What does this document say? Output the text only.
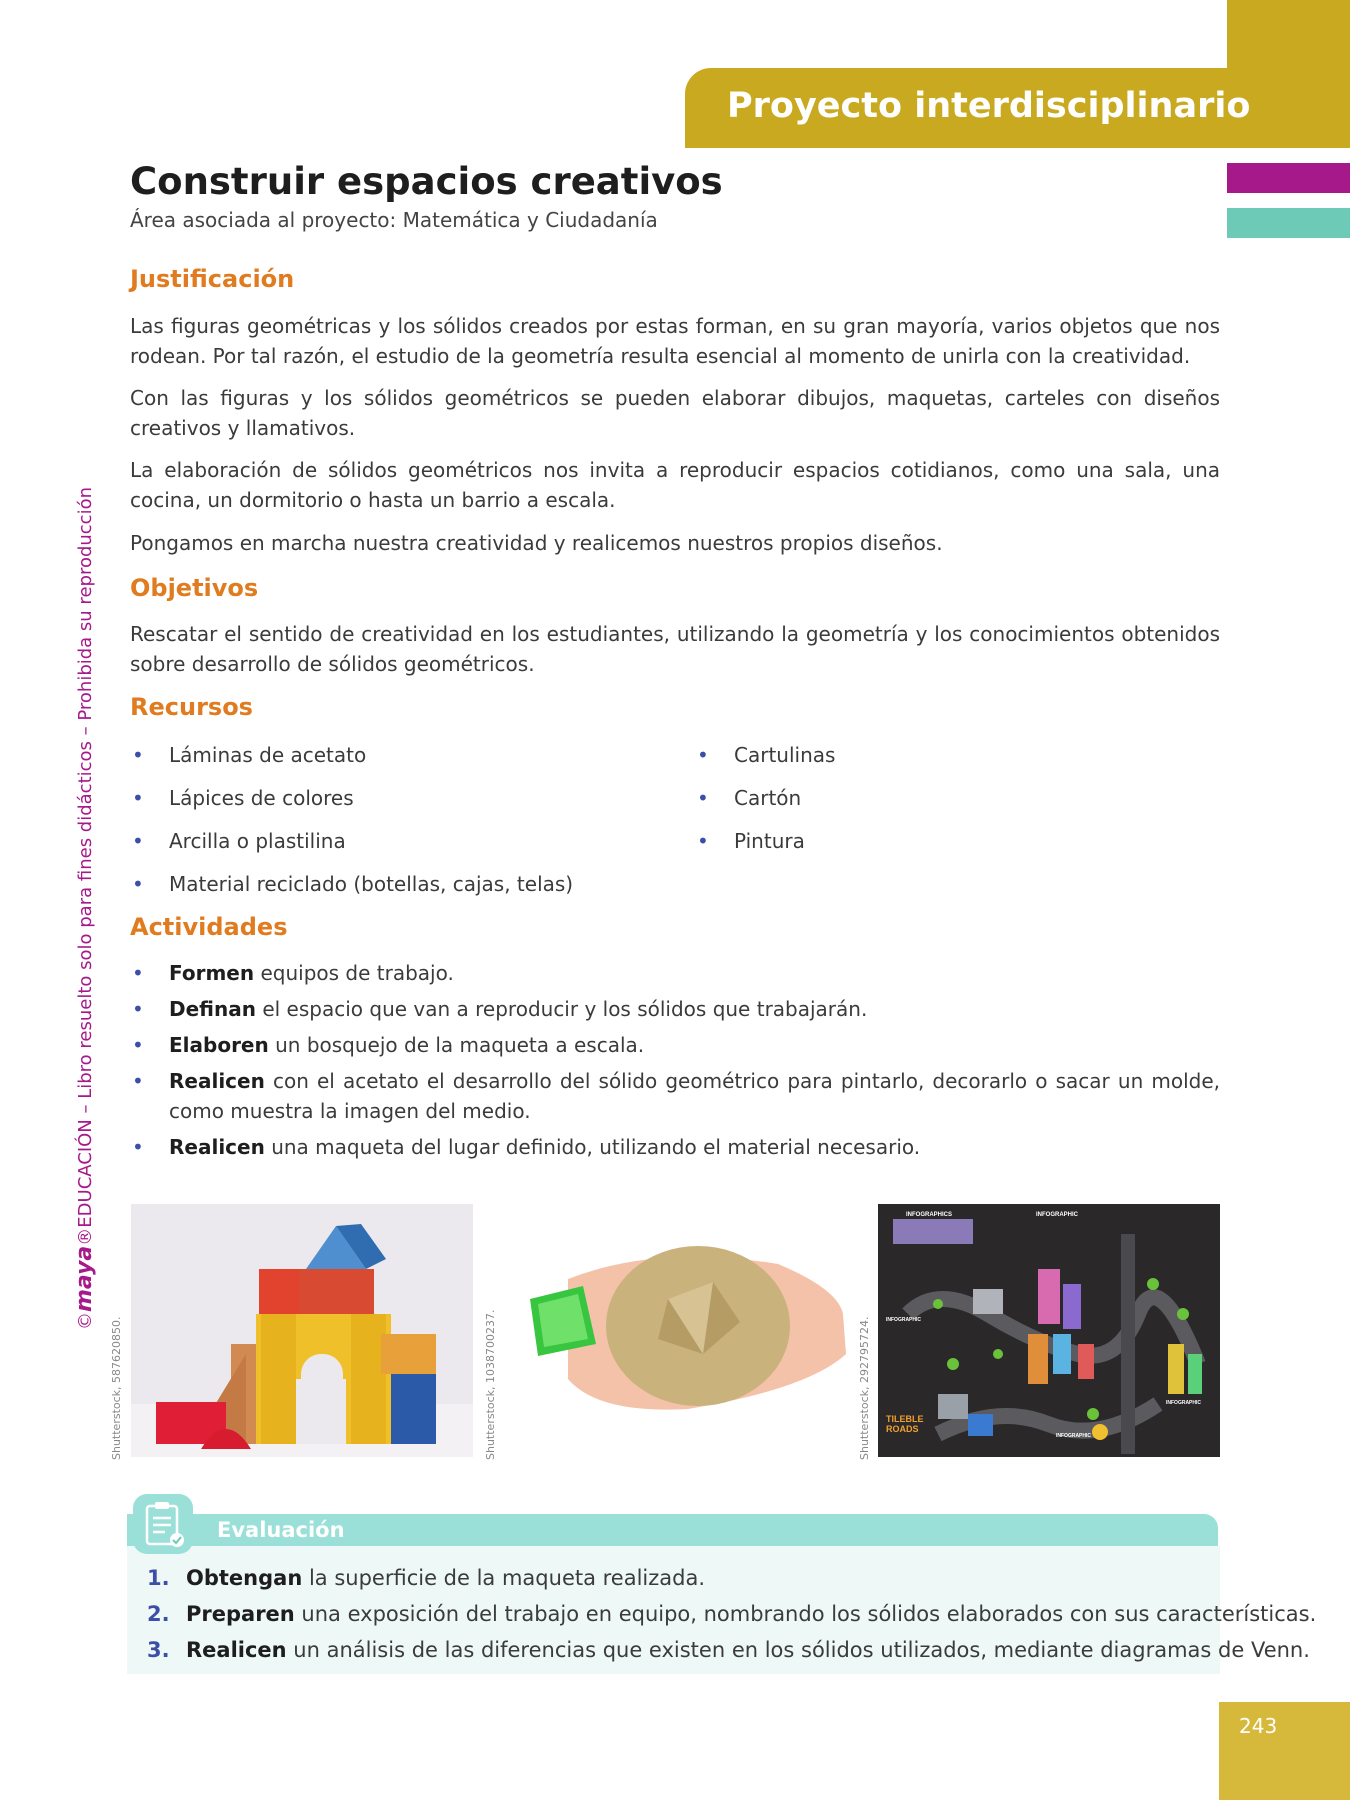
Proyecto interdisciplinario
©maya®EDUCACIÓN – Libro resuelto solo para fines didácticos – Prohibida su reproducción
Construir espacios creativos
Área asociada al proyecto: Matemática y Ciudadanía
Justificación
Las figuras geométricas y los sólidos creados por estas forman, en su gran mayoría, varios objetos que nos rodean. Por tal razón, el estudio de la geometría resulta esencial al momento de unirla con la creatividad.
Con las figuras y los sólidos geométricos se pueden elaborar dibujos, maquetas, carteles con diseños creativos y llamativos.
La elaboración de sólidos geométricos nos invita a reproducir espacios cotidianos, como una sala, una cocina, un dormitorio o hasta un barrio a escala.
Pongamos en marcha nuestra creatividad y realicemos nuestros propios diseños.
Objetivos
Rescatar el sentido de creatividad en los estudiantes, utilizando la geometría y los conocimientos obtenidos sobre desarrollo de sólidos geométricos.
Recursos
• Láminas de acetato
• Lápices de colores
• Arcilla o plastilina
• Material reciclado (botellas, cajas, telas)
• Cartulinas
• Cartón
• Pintura
Actividades
• Formen equipos de trabajo.
• Definan el espacio que van a reproducir y los sólidos que trabajarán.
• Elaboren un bosquejo de la maqueta a escala.
• Realicen con el acetato el desarrollo del sólido geométrico para pintarlo, decorarlo o sacar un molde, como muestra la imagen del medio.
• Realicen una maqueta del lugar definido, utilizando el material necesario.
Shutterstock, 587620850.	Shutterstock, 1038700237.	Shutterstock, 292795724.
INFOGRAPHICS	INFOGRAPHIC
INFOGRAPHIC
INFOGRAPHIC
INFOGRAPHIC
TILEBLE
ROADS
Evaluación
1. Obtengan la superficie de la maqueta realizada.
2. Preparen una exposición del trabajo en equipo, nombrando los sólidos elaborados con sus características.
3. Realicen un análisis de las diferencias que existen en los sólidos utilizados, mediante diagramas de Venn.
243
